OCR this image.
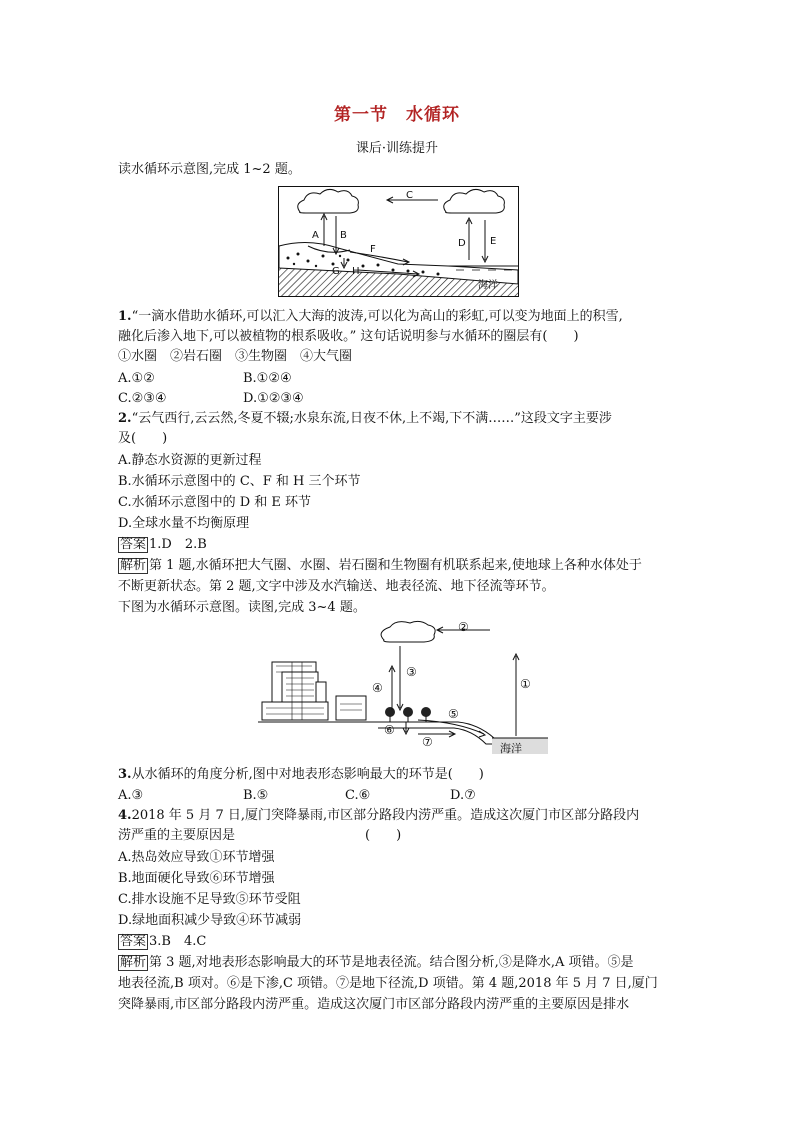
第一节　水循环
课后·训练提升
读水循环示意图,完成 1~2 题。
A B
C
D E
F
G H
海洋
1.“一滴水借助水循环,可以汇入大海的波涛,可以化为高山的彩虹,可以变为地面上的积雪,
融化后渗入地下,可以被植物的根系吸收。” 这句话说明参与水循环的圈层有(　　)
①水圈　②岩石圈　③生物圈　④大气圈
A.①②	B.①②④
C.②③④	D.①②③④
2.“云气西行,云云然,冬夏不辍;水泉东流,日夜不休,上不竭,下不满……”这段文字主要涉
及(　　)
A.静态水资源的更新过程
B.水循环示意图中的 C、F 和 H 三个环节
C.水循环示意图中的 D 和 E 环节
D.全球水量不均衡原理
答案 1.D　2.B
解析 第 1 题,水循环把大气圈、水圈、岩石圈和生物圈有机联系起来,使地球上各种水体处于
不断更新状态。第 2 题,文字中涉及水汽输送、地表径流、地下径流等环节。
下图为水循环示意图。读图,完成 3~4 题。
②
①
③
④
⑤
⑥
⑦	海洋
3.从水循环的角度分析,图中对地表形态影响最大的环节是(　　)
A.③	B.⑤	C.⑥	D.⑦
4.2018 年 5 月 7 日,厦门突降暴雨,市区部分路段内涝严重。造成这次厦门市区部分路段内
涝严重的主要原因是　　　　　　　　　　(　　)
A.热岛效应导致①环节增强
B.地面硬化导致⑥环节增强
C.排水设施不足导致⑤环节受阻
D.绿地面积减少导致④环节减弱
答案 3.B　4.C
解析 第 3 题,对地表形态影响最大的环节是地表径流。结合图分析,③是降水,A 项错。⑤是
地表径流,B 项对。⑥是下渗,C 项错。⑦是地下径流,D 项错。第 4 题,2018 年 5 月 7 日,厦门
突降暴雨,市区部分路段内涝严重。造成这次厦门市区部分路段内涝严重的主要原因是排水
